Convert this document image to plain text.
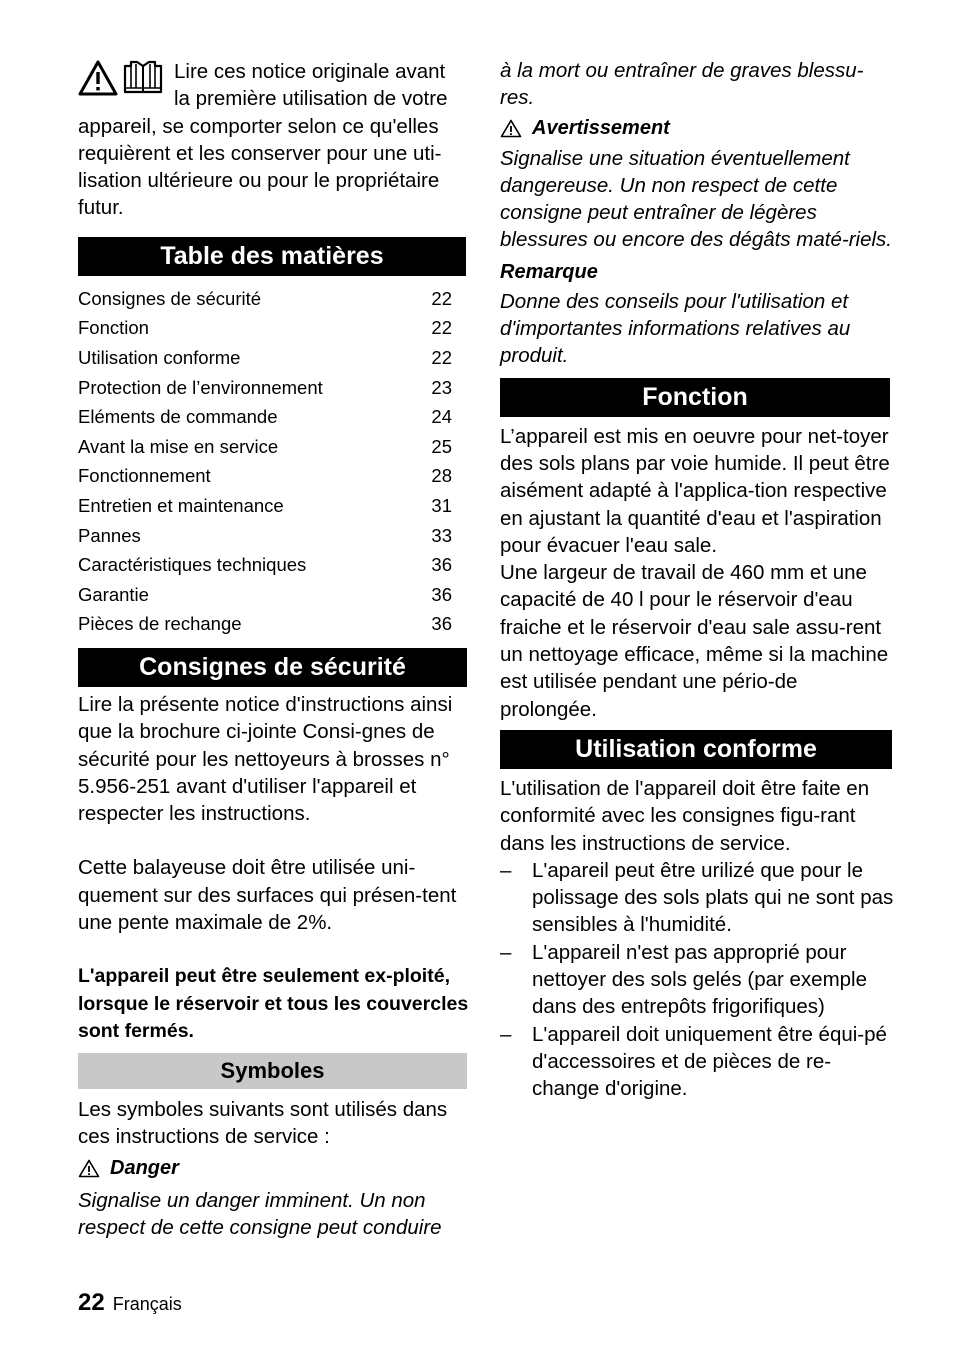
Lire ces notice originale avant
la première utilisation de votre
appareil, se comporter selon ce qu'elles requièrent et les conserver pour une uti-lisation ultérieure ou pour le propriétaire futur.

Table des matières
Consignes de sécurité	22
Fonction	22
Utilisation conforme	22
Protection de l’environnement	23
Eléments de commande	24
Avant la mise en service	25
Fonctionnement	28
Entretien et maintenance	31
Pannes	33
Caractéristiques techniques	36
Garantie	36
Pièces de rechange	36
Consignes de sécurité

Lire la présente notice d'instructions ainsi que la brochure ci-jointe Consi-gnes de sécurité pour les nettoyeurs à brosses n° 5.956-251 avant d'utiliser l'appareil et respecter les instructions.

Cette balayeuse doit être utilisée uni-quement sur des surfaces qui présen-tent une pente maximale de 2%.

L'appareil peut être seulement ex-ploité, lorsque le réservoir et tous les couvercles sont fermés.

Symboles

Les symboles suivants sont utilisés dans ces instructions de service :

Danger

Signalise un danger imminent. Un non respect de cette consigne peut conduire

à la mort ou entraîner de graves blessu-res.

Avertissement

Signalise une situation éventuellement dangereuse. Un non respect de cette consigne peut entraîner de légères blessures ou encore des dégâts maté-riels.

Remarque

Donne des conseils pour l'utilisation et d'importantes informations relatives au produit.

Fonction

L’appareil est mis en oeuvre pour net-toyer des sols plans par voie humide. Il peut être aisément adapté à l'applica-tion respective en ajustant la quantité d'eau et l'aspiration pour évacuer l'eau sale.

Une largeur de travail de 460 mm et une capacité de 40 l pour le réservoir d'eau fraiche et le réservoir d'eau sale assu-rent un nettoyage efficace, même si la machine est utilisée pendant une pério-de prolongée.

Utilisation conforme

L'utilisation de l'appareil doit être faite en conformité avec les consignes figu-rant dans les instructions de service.

–	L'apareil peut être urilizé que pour le polissage des sols plats qui ne sont pas sensibles à l'humidité.
–	L'appareil n'est pas approprié pour nettoyer des sols gelés (par exemple dans des entrepôts frigorifiques)
–	L'appareil doit uniquement être équi-pé d'accessoires et de pièces de re-change d'origine.
22 Français
